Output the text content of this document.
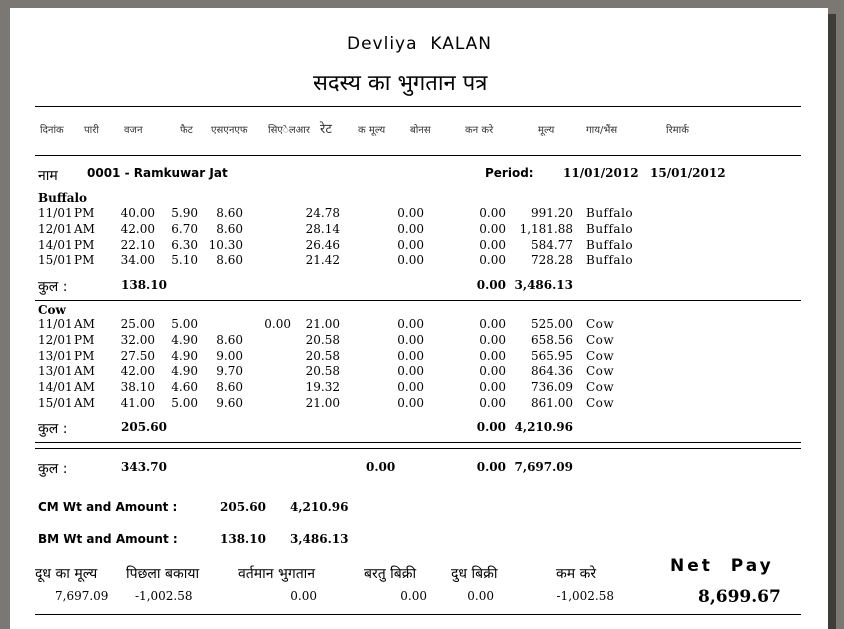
Devliya  KALAN
सदस्य का भुगतान पत्र
दिनांक पारी	वजन	फैट एसएनएफ सिएेलआर रेट	क मूल्य बोनस	कन करे	मूल्य	गाय/भैंस	रिमार्क
नाम 0001 - Ramkuwar Jat	Period: 11/01/2012 15/01/2012
Buffalo
11/01 PM	40.00 5.90	8.60	24.78	0.00	0.00	991.20 Buffalo
12/01 AM	42.00 6.70	8.60	28.14	0.00	0.00	1,181.88 Buffalo
14/01 PM	22.10 6.30 10.30	26.46	0.00	0.00	584.77 Buffalo
15/01 PM	34.00 5.10	8.60	21.42	0.00	0.00	728.28 Buffalo
कुल :	138.10	0.00 3,486.13
Cow
11/01 AM	25.00 5.00	0.00	21.00	0.00	0.00	525.00 Cow
12/01 PM	32.00 4.90	8.60	20.58	0.00	0.00	658.56 Cow
13/01 PM	27.50 4.90	9.00	20.58	0.00	0.00	565.95 Cow
13/01 AM	42.00 4.90	9.70	20.58	0.00	0.00	864.36 Cow
14/01 AM	38.10 4.60	8.60	19.32	0.00	0.00	736.09 Cow
15/01 AM	41.00 5.00	9.60	21.00	0.00	0.00	861.00 Cow
कुल :	205.60	0.00 4,210.96
कुल :	343.70	0.00	0.00 7,697.09
CM Wt and Amount :	205.60 4,210.96
BM Wt and Amount :	138.10 3,486.13
दूध का मूल्य पिछला बकाया	वर्तमान भुगतान	बरतु बिक्री दुध बिक्री	कम करे
7,697.09 -1,002.58	0.00	0.00	0.00	-1,002.58
Net  Pay
8,699.67
